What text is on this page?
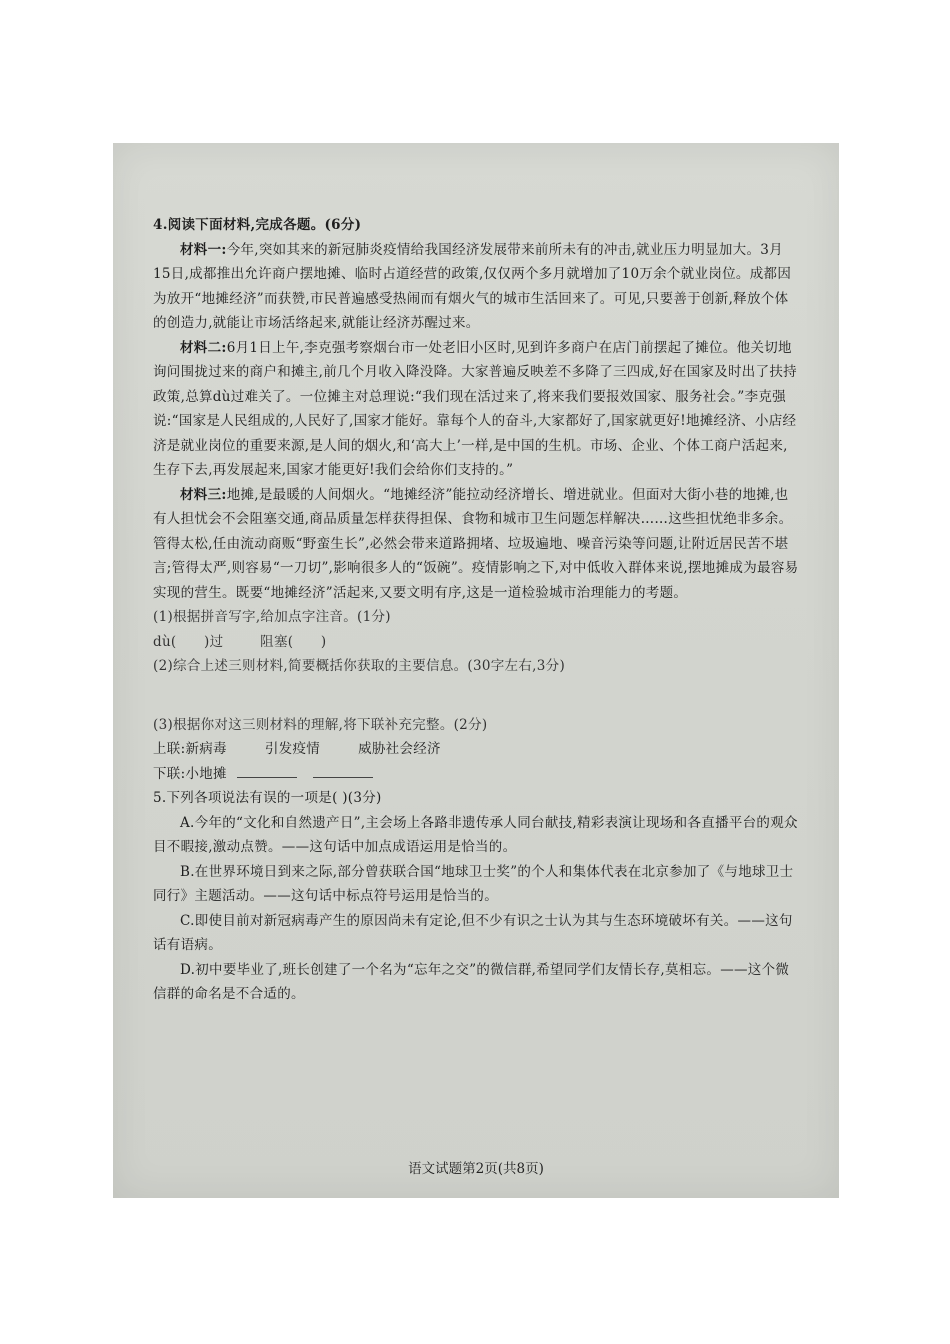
4.阅读下面材料,完成各题。(6分)

材料一:今年,突如其来的新冠肺炎疫情给我国经济发展带来前所未有的冲击,就业压力明显加大。3月15日,成都推出允许商户摆地摊、临时占道经营的政策,仅仅两个多月就增加了10万余个就业岗位。成都因为放开“地摊经济”而获赞,市民普遍感受热闹而有烟火气的城市生活回来了。可见,只要善于创新,释放个体的创造力,就能让市场活络起来,就能让经济苏醒过来。

材料二:6月1日上午,李克强考察烟台市一处老旧小区时,见到许多商户在店门前摆起了摊位。他关切地询问围拢过来的商户和摊主,前几个月收入降没降。大家普遍反映差不多降了三四成,好在国家及时出了扶持政策,总算dù过难关了。一位摊主对总理说:“我们现在活过来了,将来我们要报效国家、服务社会。”李克强说:“国家是人民组成的,人民好了,国家才能好。靠每个人的奋斗,大家都好了,国家就更好!地摊经济、小店经济是就业岗位的重要来源,是人间的烟火,和‘高大上’一样,是中国的生机。市场、企业、个体工商户活起来,生存下去,再发展起来,国家才能更好!我们会给你们支持的。”

材料三:地摊,是最暖的人间烟火。“地摊经济”能拉动经济增长、增进就业。但面对大街小巷的地摊,也有人担忧会不会阻塞交通,商品质量怎样获得担保、食物和城市卫生问题怎样解决……这些担忧绝非多余。管得太松,任由流动商贩“野蛮生长”,必然会带来道路拥堵、垃圾遍地、噪音污染等问题,让附近居民苦不堪言;管得太严,则容易“一刀切”,影响很多人的“饭碗”。疫情影响之下,对中低收入群体来说,摆地摊成为最容易实现的营生。既要“地摊经济”活起来,又要文明有序,这是一道检验城市治理能力的考题。

(1)根据拼音写字,给加点字注音。(1分)

dù(      )过        阻塞(      )

(2)综合上述三则材料,简要概括你获取的主要信息。(30字左右,3分)

(3)根据你对这三则材料的理解,将下联补充完整。(2分)

上联:新病毒	引发疫情	威胁社会经济

下联:小地摊

5.下列各项说法有误的一项是( )(3分)

A.今年的“文化和自然遗产日”,主会场上各路非遗传承人同台献技,精彩表演让现场和各直播平台的观众目不暇接,激动点赞。——这句话中加点成语运用是恰当的。

B.在世界环境日到来之际,部分曾获联合国“地球卫士奖”的个人和集体代表在北京参加了《与地球卫士同行》主题活动。——这句话中标点符号运用是恰当的。

C.即使目前对新冠病毒产生的原因尚未有定论,但不少有识之士认为其与生态环境破坏有关。——这句话有语病。

D.初中要毕业了,班长创建了一个名为“忘年之交”的微信群,希望同学们友情长存,莫相忘。——这个微信群的命名是不合适的。

语文试题第2页(共8页)
